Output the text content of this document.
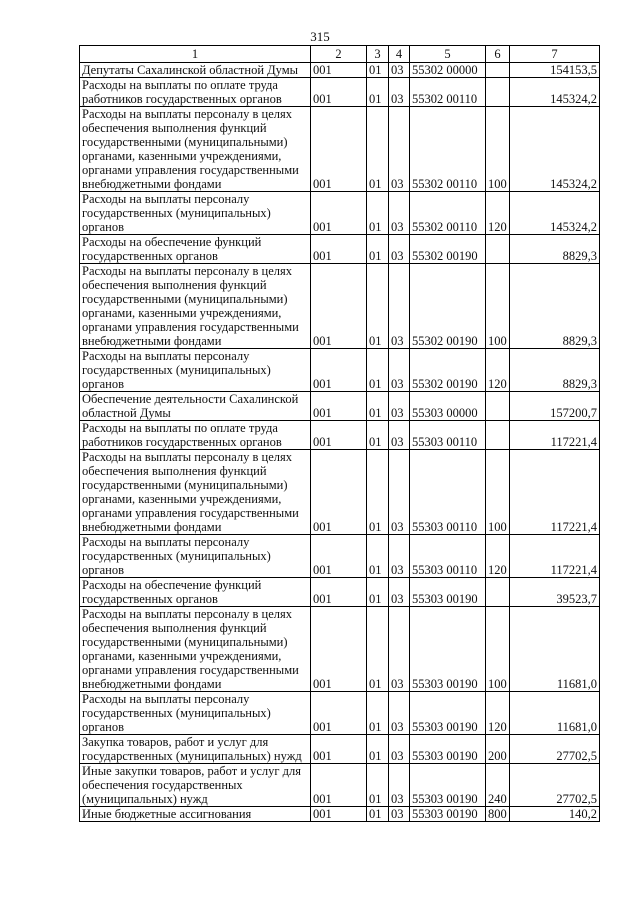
315
1	2	3	4	5	6	7
Депутаты Сахалинской областной Думы	001	01	03	55302 00000		154153,5
Расходы на выплаты по оплате труда работников государственных органов	001	01	03	55302 00110		145324,2
Расходы на выплаты персоналу в целях обеспечения выполнения функций государственными (муниципальными) органами, казенными учреждениями, органами управления государственными внебюджетными фондами	001	01	03	55302 00110	100	145324,2
Расходы на выплаты персоналу государственных (муниципальных) органов	001	01	03	55302 00110	120	145324,2
Расходы на обеспечение функций государственных органов	001	01	03	55302 00190		8829,3
Расходы на выплаты персоналу в целях обеспечения выполнения функций государственными (муниципальными) органами, казенными учреждениями, органами управления государственными внебюджетными фондами	001	01	03	55302 00190	100	8829,3
Расходы на выплаты персоналу государственных (муниципальных) органов	001	01	03	55302 00190	120	8829,3
Обеспечение деятельности Сахалинской областной Думы	001	01	03	55303 00000		157200,7
Расходы на выплаты по оплате труда работников государственных органов	001	01	03	55303 00110		117221,4
Расходы на выплаты персоналу в целях обеспечения выполнения функций государственными (муниципальными) органами, казенными учреждениями, органами управления государственными внебюджетными фондами	001	01	03	55303 00110	100	117221,4
Расходы на выплаты персоналу государственных (муниципальных) органов	001	01	03	55303 00110	120	117221,4
Расходы на обеспечение функций государственных органов	001	01	03	55303 00190		39523,7
Расходы на выплаты персоналу в целях обеспечения выполнения функций государственными (муниципальными) органами, казенными учреждениями, органами управления государственными внебюджетными фондами	001	01	03	55303 00190	100	11681,0
Расходы на выплаты персоналу государственных (муниципальных) органов	001	01	03	55303 00190	120	11681,0
Закупка товаров, работ и услуг для государственных (муниципальных) нужд	001	01	03	55303 00190	200	27702,5
Иные закупки товаров, работ и услуг для обеспечения государственных (муниципальных) нужд	001	01	03	55303 00190	240	27702,5
Иные бюджетные ассигнования	001	01	03	55303 00190	800	140,2
